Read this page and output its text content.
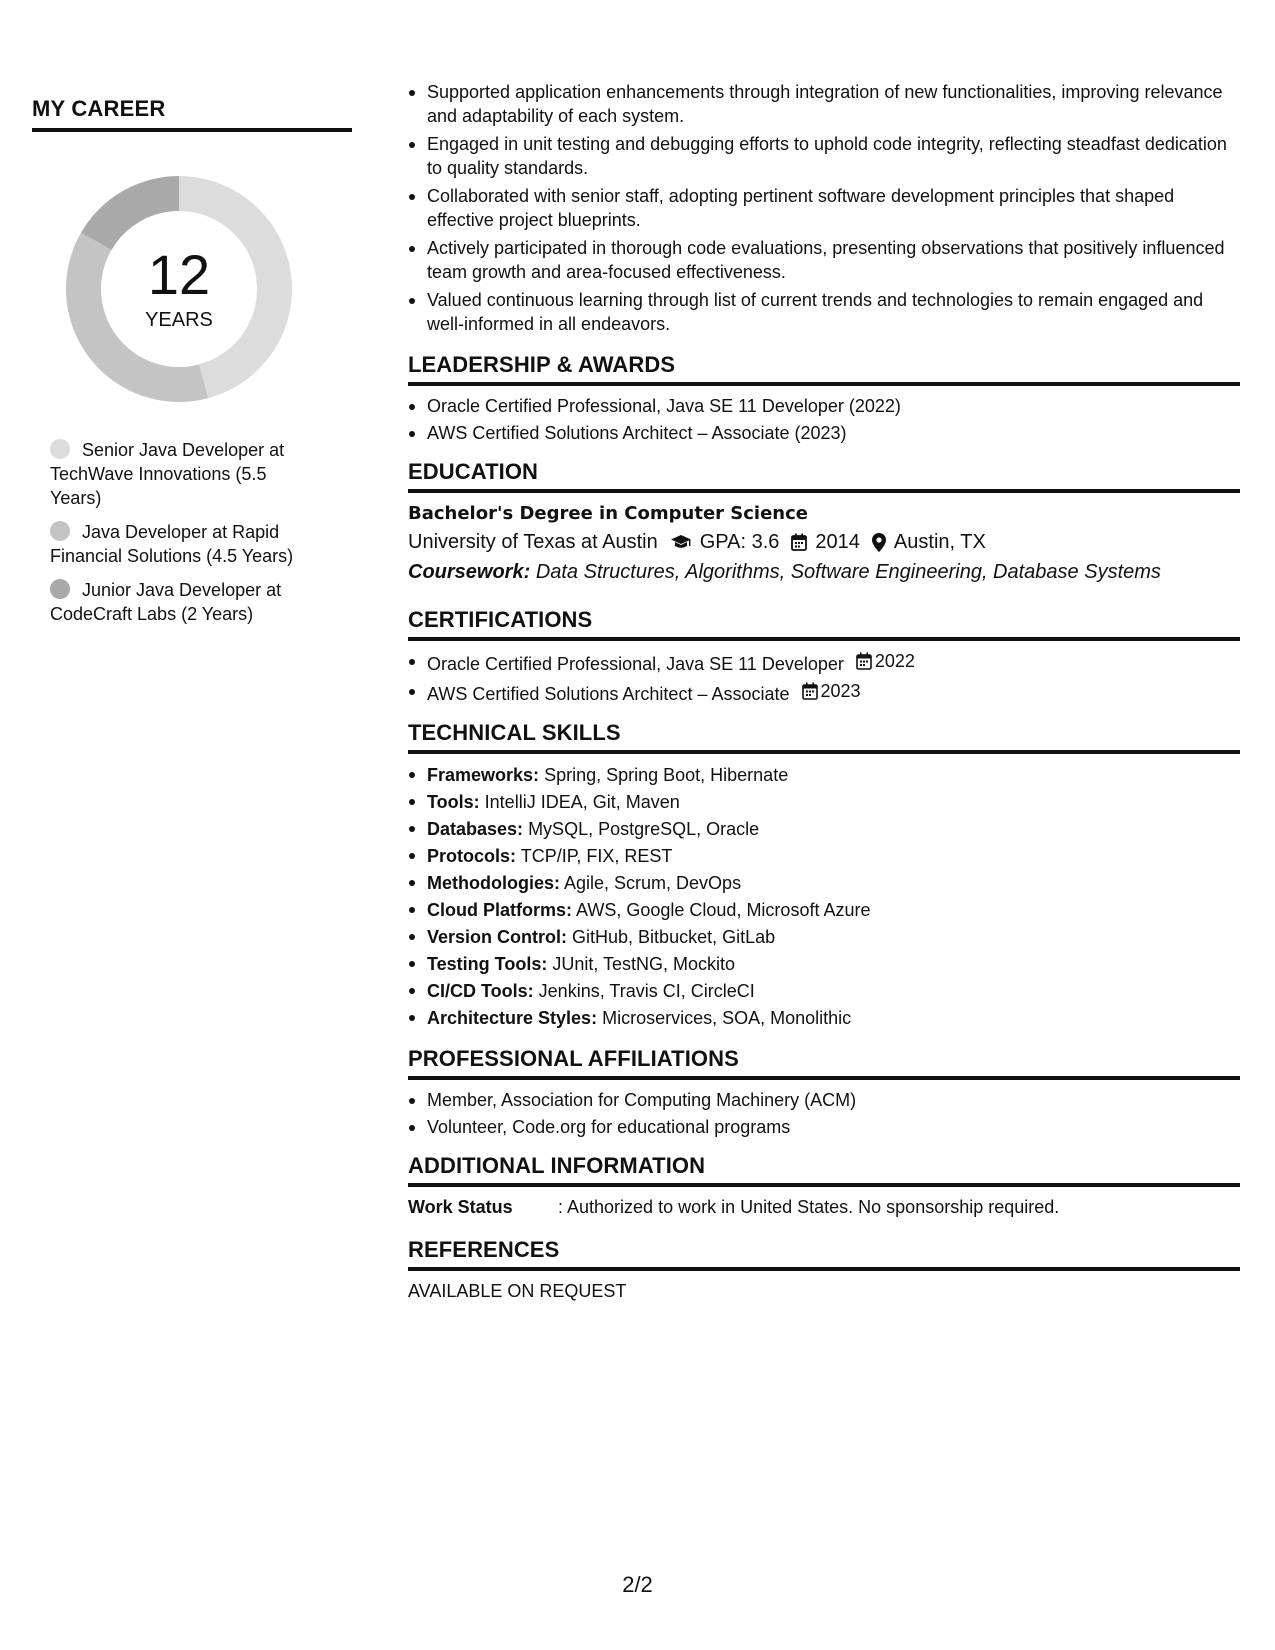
MY CAREER
12
YEARS
Senior Java Developer at TechWave Innovations (5.5 Years)
Java Developer at Rapid Financial Solutions (4.5 Years)
Junior Java Developer at CodeCraft Labs (2 Years)
Supported application enhancements through integration of new functionalities, improving relevance and adaptability of each system.
Engaged in unit testing and debugging efforts to uphold code integrity, reflecting steadfast dedication to quality standards.
Collaborated with senior staff, adopting pertinent software development principles that shaped effective project blueprints.
Actively participated in thorough code evaluations, presenting observations that positively influenced team growth and area-focused effectiveness.
Valued continuous learning through list of current trends and technologies to remain engaged and well-informed in all endeavors.
LEADERSHIP & AWARDS
Oracle Certified Professional, Java SE 11 Developer (2022)
AWS Certified Solutions Architect – Associate (2023)
EDUCATION
Bachelor's Degree in Computer Science
University of Texas at Austin GPA: 3.6 2014 Austin, TX
Coursework: Data Structures, Algorithms, Software Engineering, Database Systems
CERTIFICATIONS
Oracle Certified Professional, Java SE 11 Developer 2022
AWS Certified Solutions Architect – Associate 2023
TECHNICAL SKILLS
Frameworks: Spring, Spring Boot, Hibernate
Tools: IntelliJ IDEA, Git, Maven
Databases: MySQL, PostgreSQL, Oracle
Protocols: TCP/IP, FIX, REST
Methodologies: Agile, Scrum, DevOps
Cloud Platforms: AWS, Google Cloud, Microsoft Azure
Version Control: GitHub, Bitbucket, GitLab
Testing Tools: JUnit, TestNG, Mockito
CI/CD Tools: Jenkins, Travis CI, CircleCI
Architecture Styles: Microservices, SOA, Monolithic
PROFESSIONAL AFFILIATIONS
Member, Association for Computing Machinery (ACM)
Volunteer, Code.org for educational programs
ADDITIONAL INFORMATION
Work Status	: Authorized to work in United States. No sponsorship required.
REFERENCES
AVAILABLE ON REQUEST
2/2
